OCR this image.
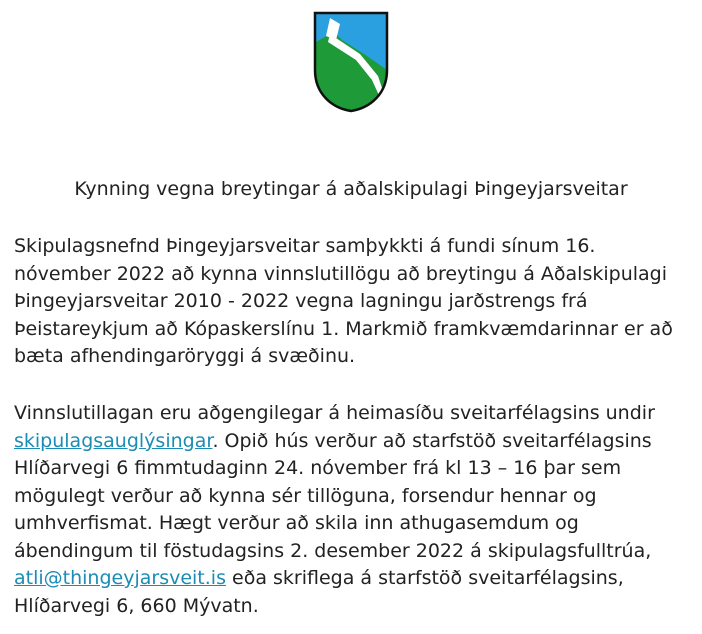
Kynning vegna breytingar á aðalskipulagi Þingeyjarsveitar

Skipulagsnefnd Þingeyjarsveitar samþykkti á fundi sínum 16. nóvember 2022 að kynna vinnslutillögu að breytingu á Aðalskipulagi Þingeyjarsveitar 2010 - 2022 vegna lagningu jarðstrengs frá Þeistareykjum að Kópaskerslínu 1. Markmið framkvæmdarinnar er að bæta afhendingaröryggi á svæðinu.

Vinnslutillagan eru aðgengilegar á heimasíðu sveitarfélagsins undir skipulagsauglýsingar. Opið hús verður að starfstöð sveitarfélagsins Hlíðarvegi 6 fimmtudaginn 24. nóvember frá kl 13 – 16 þar sem mögulegt verður að kynna sér tillöguna, forsendur hennar og umhverfismat. Hægt verður að skila inn athugasemdum og ábendingum til föstudagsins 2. desember 2022 á skipulagsfulltrúa, atli@thingeyjarsveit.is eða skriflega á starfstöð sveitarfélagsins, Hlíðarvegi 6, 660 Mývatn.
